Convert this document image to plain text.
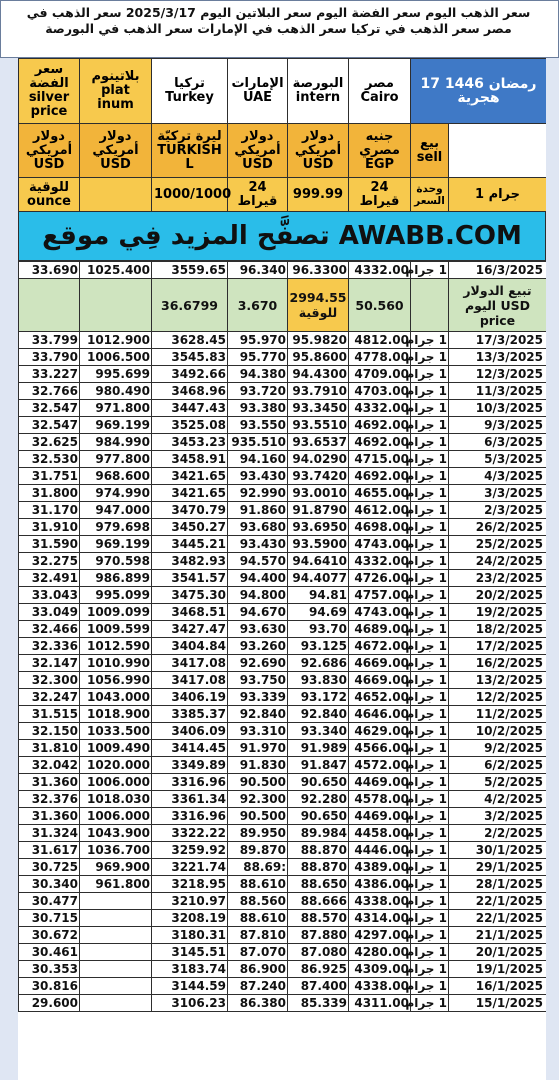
سعر الذهب اليوم سعر الفضة اليوم سعر البلاتين اليوم 2025/3/17 سعر الذهب في مصر سعر الذهب في تركيا سعر الذهب في الإمارات سعر الذهب في البورصة
سعر الفضة silver price	بلاتينوم plat inum	تركيا Turkey	الإمارات UAE	البورصة intern	مصر Cairo	17 رمضان 1446 هجرية	
دولار أمريكي USD	دولار أمريكي USD	ليرة تركيّة TURKISH L	دولار أمريكي USD	دولار أمريكي USD	جنيه مصري EGP	بيع sell	
للوقية ounce		1000/1000	24 قيراط	999.99	24 قيراط	وحدة السعر	1 جرام
تصفَّح المزيد فِي موقع AWABB.COM
33.690	1025.400	3559.65	96.340	96.3300	4332.00	1 جرام	16/3/2025
		36.6799	3.670	2994.55 للوقية	50.560		تبيع الدولار اليوم USD price
33.799	1012.900	3628.45	95.970	95.9820	4812.00	1 جرام	17/3/2025
33.790	1006.500	3545.83	95.770	95.8600	4778.00	1 جرام	13/3/2025
33.227	995.699	3492.66	94.380	94.4300	4709.00	1 جرام	12/3/2025
32.766	980.490	3468.96	93.720	93.7910	4703.00	1 جرام	11/3/2025
32.547	971.800	3447.43	93.380	93.3450	4332.00	1 جرام	10/3/2025
32.547	969.199	3525.08	93.550	93.5510	4692.00	1 جرام	9/3/2025
32.625	984.990	3453.23	935.510	93.6537	4692.00	1 جرام	6/3/2025
32.530	977.800	3458.91	94.160	94.0290	4715.00	1 جرام	5/3/2025
31.751	968.600	3421.65	93.430	93.7420	4692.00	1 جرام	4/3/2025
31.800	974.990	3421.65	92.990	93.0010	4655.00	1 جرام	3/3/2025
31.170	947.000	3470.79	91.860	91.8790	4612.00	1 جرام	2/3/2025
31.910	979.698	3450.27	93.680	93.6950	4698.00	1 جرام	26/2/2025
31.590	969.199	3445.21	93.430	93.5900	4743.00	1 جرام	25/2/2025
32.275	970.598	3482.93	94.570	94.6410	4332.00	1 جرام	24/2/2025
32.491	986.899	3541.57	94.400	94.4077	4726.00	1 جرام	23/2/2025
33.043	995.099	3475.30	94.800	94.81	4757.00	1 جرام	20/2/2025
33.049	1009.099	3468.51	94.670	94.69	4743.00	1 جرام	19/2/2025
32.466	1009.599	3427.47	93.630	93.70	4689.00	1 جرام	18/2/2025
32.336	1012.590	3404.84	93.260	93.125	4672.00	1 جرام	17/2/2025
32.147	1010.990	3417.08	92.690	92.686	4669.00	1 جرام	16/2/2025
32.300	1056.990	3417.08	93.750	93.830	4669.00	1 جرام	13/2/2025
32.247	1043.000	3406.19	93.339	93.172	4652.00	1 جرام	12/2/2025
31.515	1018.900	3385.37	92.840	92.840	4646.00	1 جرام	11/2/2025
32.150	1033.500	3406.09	93.310	93.340	4629.00	1 جرام	10/2/2025
31.810	1009.490	3414.45	91.970	91.989	4566.00	1 جرام	9/2/2025
32.042	1020.000	3349.89	91.830	91.847	4572.00	1 جرام	6/2/2025
31.360	1006.000	3316.96	90.500	90.650	4469.00	1 جرام	5/2/2025
32.376	1018.030	3361.34	92.300	92.280	4578.00	1 جرام	4/2/2025
31.360	1006.000	3316.96	90.500	90.650	4469.00	1 جرام	3/2/2025
31.324	1043.900	3322.22	89.950	89.984	4458.00	1 جرام	2/2/2025
31.617	1036.700	3259.92	89.870	88.870	4446.00	1 جرام	30/1/2025
30.725	969.900	3221.74	88.69:	88.870	4389.00	1 جرام	29/1/2025
30.340	961.800	3218.95	88.610	88.650	4386.00	1 جرام	28/1/2025
30.477		3210.97	88.560	88.666	4338.00	1 جرام	22/1/2025
30.715		3208.19	88.610	88.570	4314.00	1 جرام	22/1/2025
30.672		3180.31	87.810	87.880	4297.00	1 جرام	21/1/2025
30.461		3145.51	87.070	87.080	4280.00	1 جرام	20/1/2025
30.353		3183.74	86.900	86.925	4309.00	1 جرام	19/1/2025
30.816		3144.59	87.240	87.400	4338.00	1 جرام	16/1/2025
29.600		3106.23	86.380	85.339	4311.00	1 جرام	15/1/2025
